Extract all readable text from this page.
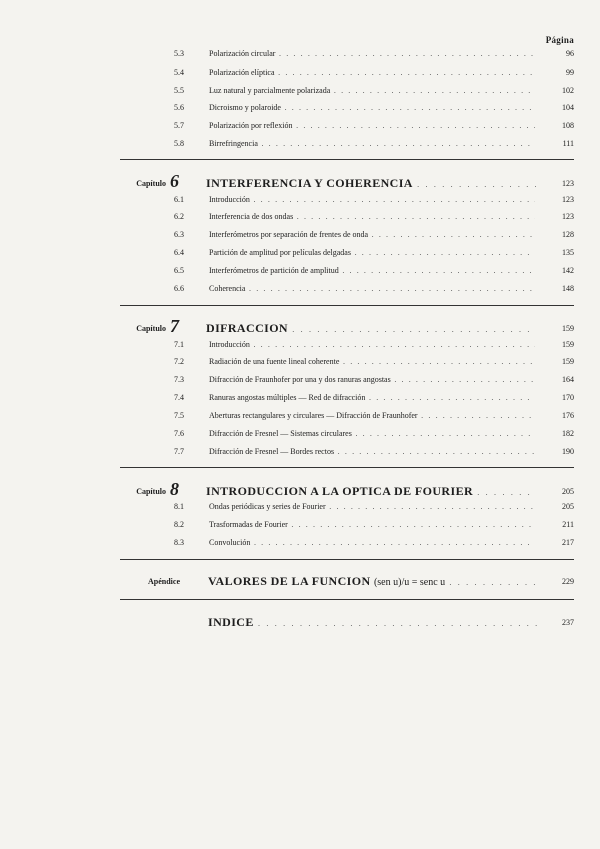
Página
5.3	Polarización circular . . .	96
5.4	Polarización elíptica . . .	99
5.5	Luz natural y parcialmente polarizada . . .	102
5.6	Dicroismo y polaroide . . .	104
5.7	Polarización por reflexión . . .	108
5.8	Birrefringencia . . .	111
Capítulo 6 INTERFERENCIA Y COHERENCIA . . .	123
6.1	Introducción . . .	123
6.2	Interferencia de dos ondas . . .	123
6.3	Interferómetros por separación de frentes de onda . . .	128
6.4	Partición de amplitud por películas delgadas . . .	135
6.5	Interferómetros de partición de amplitud . . .	142
6.6	Coherencia . . .	148
Capítulo 7 DIFRACCION . . .	159
7.1	Introducción . . .	159
7.2	Radiación de una fuente lineal coherente . . .	159
7.3	Difracción de Fraunhofer por una y dos ranuras angostas . . .	164
7.4	Ranuras angostas múltiples — Red de difracción . . .	170
7.5	Aberturas rectangulares y circulares — Difracción de Fraunhofer . . .	176
7.6	Difracción de Fresnel — Sistemas circulares . . .	182
7.7	Difracción de Fresnel — Bordes rectos . . .	190
Capítulo 8 INTRODUCCION A LA OPTICA DE FOURIER . . .	205
8.1	Ondas periódicas y series de Fourier . . .	205
8.2	Trasformadas de Fourier . . .	211
8.3	Convolución . . .	217
Apéndice VALORES DE LA FUNCION (sen u)/u = senc u . . .	229
INDICE . . .	237
